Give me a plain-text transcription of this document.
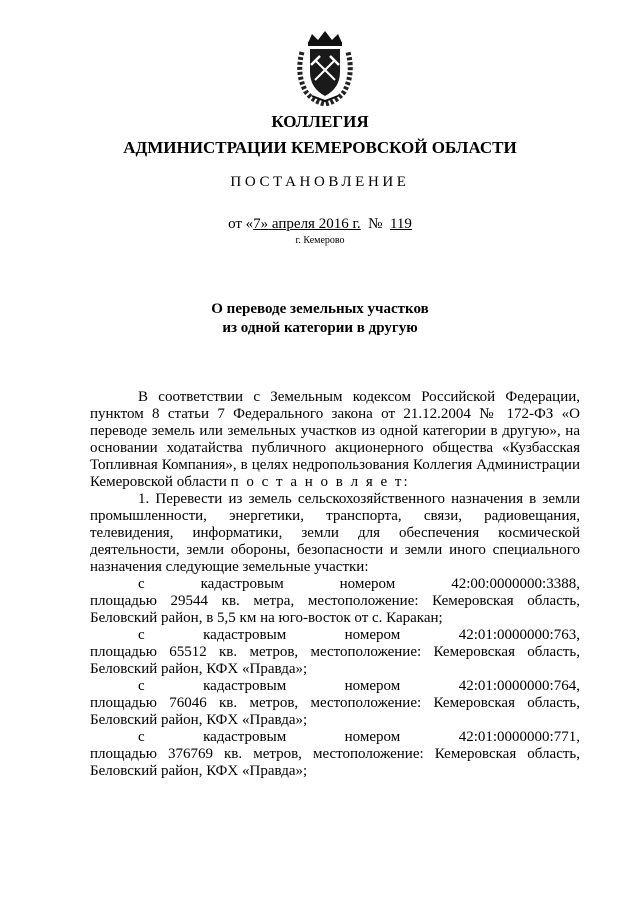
КОЛЛЕГИЯ
АДМИНИСТРАЦИИ КЕМЕРОВСКОЙ ОБЛАСТИ
ПОСТАНОВЛЕНИЕ
от «7» апреля 2016 г. № 119
г. Кемерово
О переводе земельных участков
из одной категории в другую

В соответствии с Земельным кодексом Российской Федерации, пунктом 8 статьи 7 Федерального закона от 21.12.2004 № 172-ФЗ «О переводе земель или земельных участков из одной категории в другую», на основании ходатайства публичного акционерного общества «Кузбасская Топливная Компания», в целях недропользования Коллегия Администрации Кемеровской области п о с т а н о в л я е т:

1. Перевести из земель сельскохозяйственного назначения в земли промышленности, энергетики, транспорта, связи, радиовещания, телевидения, информатики, земли для обеспечения космической деятельности, земли обороны, безопасности и земли иного специального назначения следующие земельные участки:

с	кадастровым	номером	42:00:0000000:3388,

площадью 29544 кв. метра, местоположение: Кемеровская область, Беловский район, в 5,5 км на юго-восток от с. Каракан;

с	кадастровым	номером	42:01:0000000:763,

площадью 65512 кв. метров, местоположение: Кемеровская область, Беловский район, КФХ «Правда»;

с	кадастровым	номером	42:01:0000000:764,

площадью 76046 кв. метров, местоположение: Кемеровская область, Беловский район, КФХ «Правда»;

с	кадастровым	номером	42:01:0000000:771,

площадью 376769 кв. метров, местоположение: Кемеровская область, Беловский район, КФХ «Правда»;
